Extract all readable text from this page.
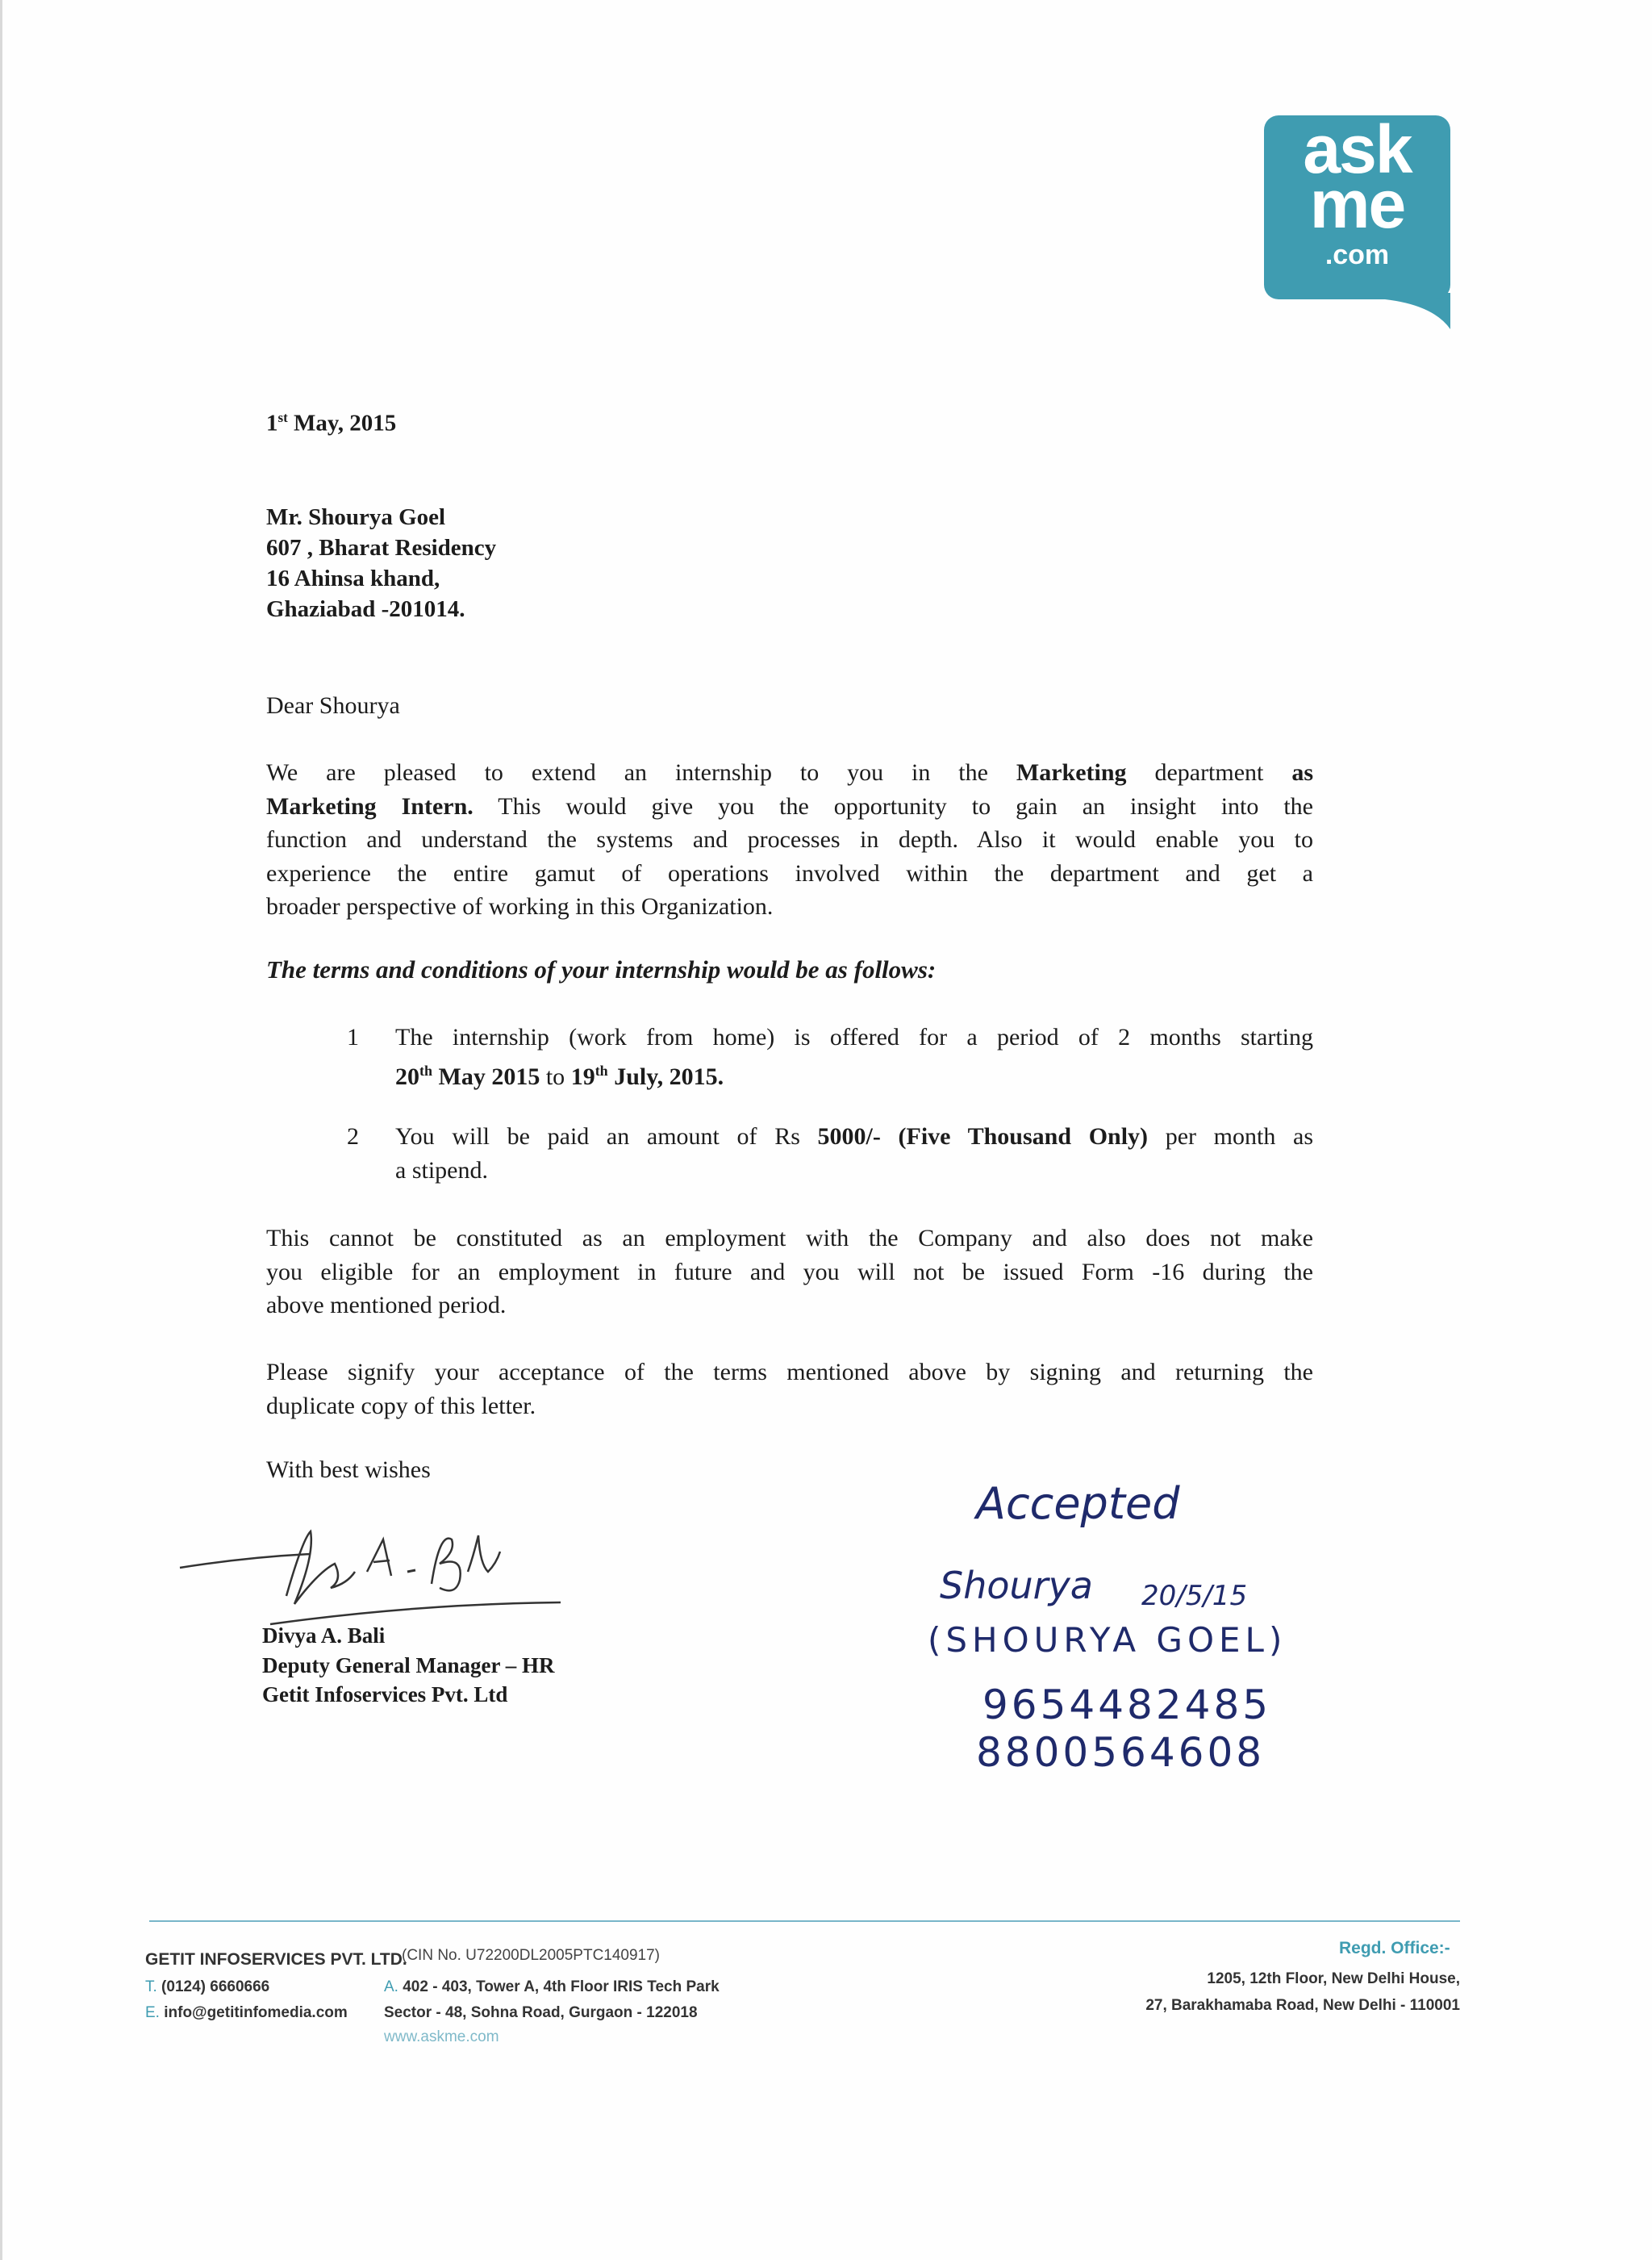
ask
me
.com
1st May, 2015
Mr. Shourya Goel
607 , Bharat Residency
16 Ahinsa khand,
Ghaziabad -201014.
Dear Shourya
We are pleased to extend an internship to you in the Marketing department as
Marketing Intern. This would give you the opportunity to gain an insight into the
function and understand the systems and processes in depth. Also it would enable you to
experience the entire gamut of operations involved within the department and get a
broader perspective of working in this Organization.
The terms and conditions of your internship would be as follows:
1	The internship (work from home) is offered for a period of 2 months starting
20th May 2015 to 19th July, 2015.
2	You will be paid an amount of Rs 5000/- (Five Thousand Only) per month as
a stipend.
This cannot be constituted as an employment with the Company and also does not make
you eligible for an employment in future and you will not be issued Form -16 during the
above mentioned period.
Please signify your acceptance of the terms mentioned above by signing and returning the
duplicate copy of this letter.
With best wishes
Divya A. Bali
Deputy General Manager – HR
Getit Infoservices Pvt. Ltd
Accepted
Shourya 20/5/15
(SHOURYA GOEL)
9654482485
8800564608
GETIT INFOSERVICES PVT. LTD.
(CIN No. U72200DL2005PTC140917)
T. (0124) 6660666
E. info@getitinfomedia.com
A. 402 - 403, Tower A, 4th Floor IRIS Tech Park
Sector - 48, Sohna Road, Gurgaon - 122018
www.askme.com
Regd. Office:-
1205, 12th Floor, New Delhi House,
27, Barakhamaba Road, New Delhi - 110001
